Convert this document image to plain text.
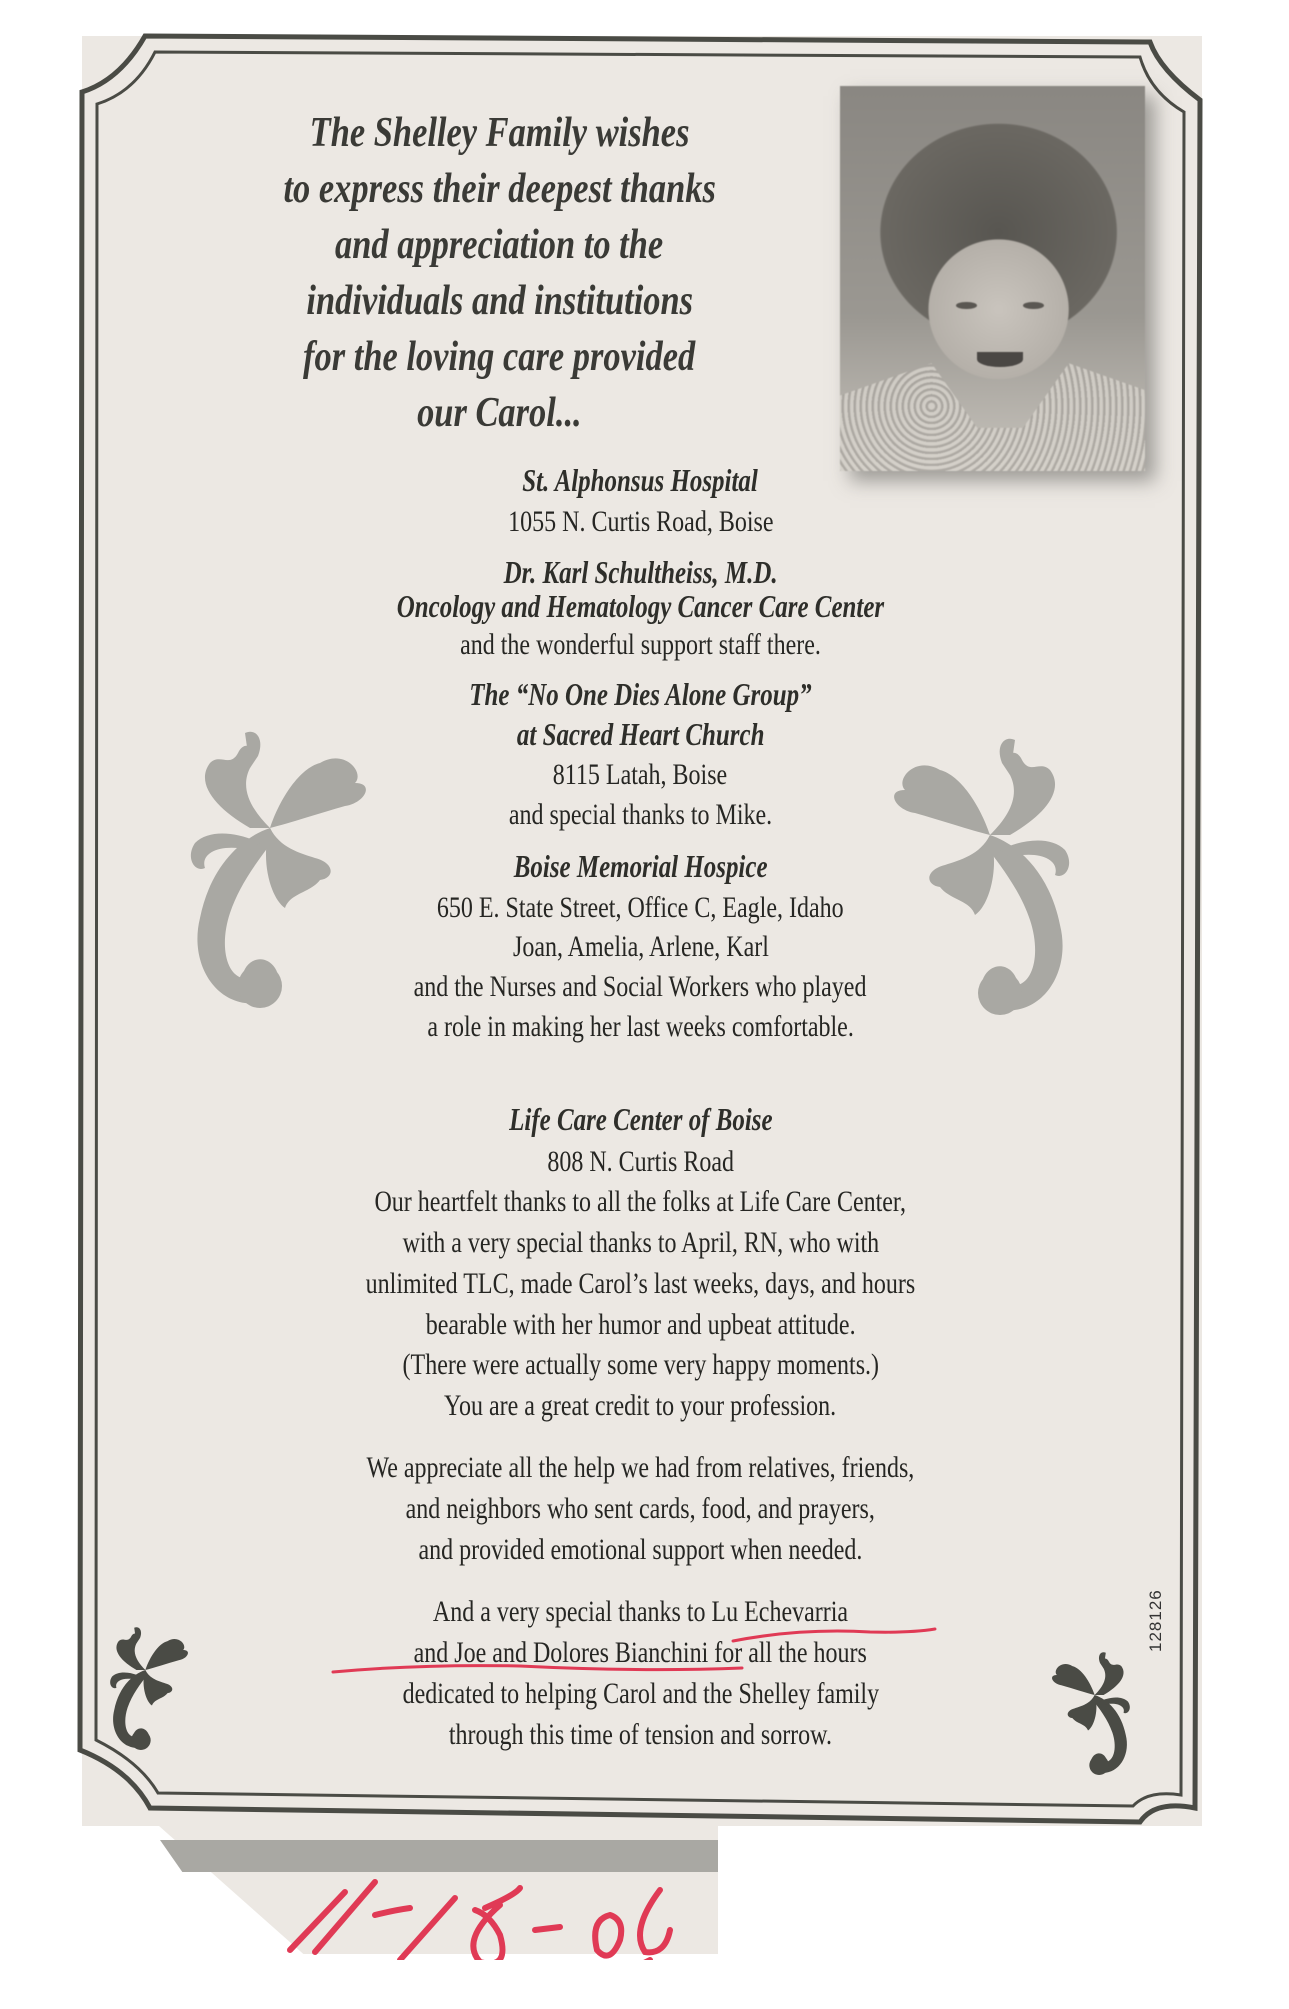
The Shelley Family wishes
to express their deepest thanks
and appreciation to the
individuals and institutions
for the loving care provided
our Carol...
St. Alphonsus Hospital
1055 N. Curtis Road, Boise
Dr. Karl Schultheiss, M.D.
Oncology and Hematology Cancer Care Center
and the wonderful support staff there.
The “No One Dies Alone Group”
at Sacred Heart Church
8115 Latah, Boise
and special thanks to Mike.
Boise Memorial Hospice
650 E. State Street, Office C, Eagle, Idaho
Joan, Amelia, Arlene, Karl
and the Nurses and Social Workers who played
a role in making her last weeks comfortable.
Life Care Center of Boise
808 N. Curtis Road
Our heartfelt thanks to all the folks at Life Care Center,
with a very special thanks to April, RN, who with
unlimited TLC, made Carol’s last weeks, days, and hours
bearable with her humor and upbeat attitude.
(There were actually some very happy moments.)
You are a great credit to your profession.
We appreciate all the help we had from relatives, friends,
and neighbors who sent cards, food, and prayers,
and provided emotional support when needed.
And a very special thanks to Lu Echevarria
and Joe and Dolores Bianchini for all the hours
dedicated to helping Carol and the Shelley family
through this time of tension and sorrow.
128126
